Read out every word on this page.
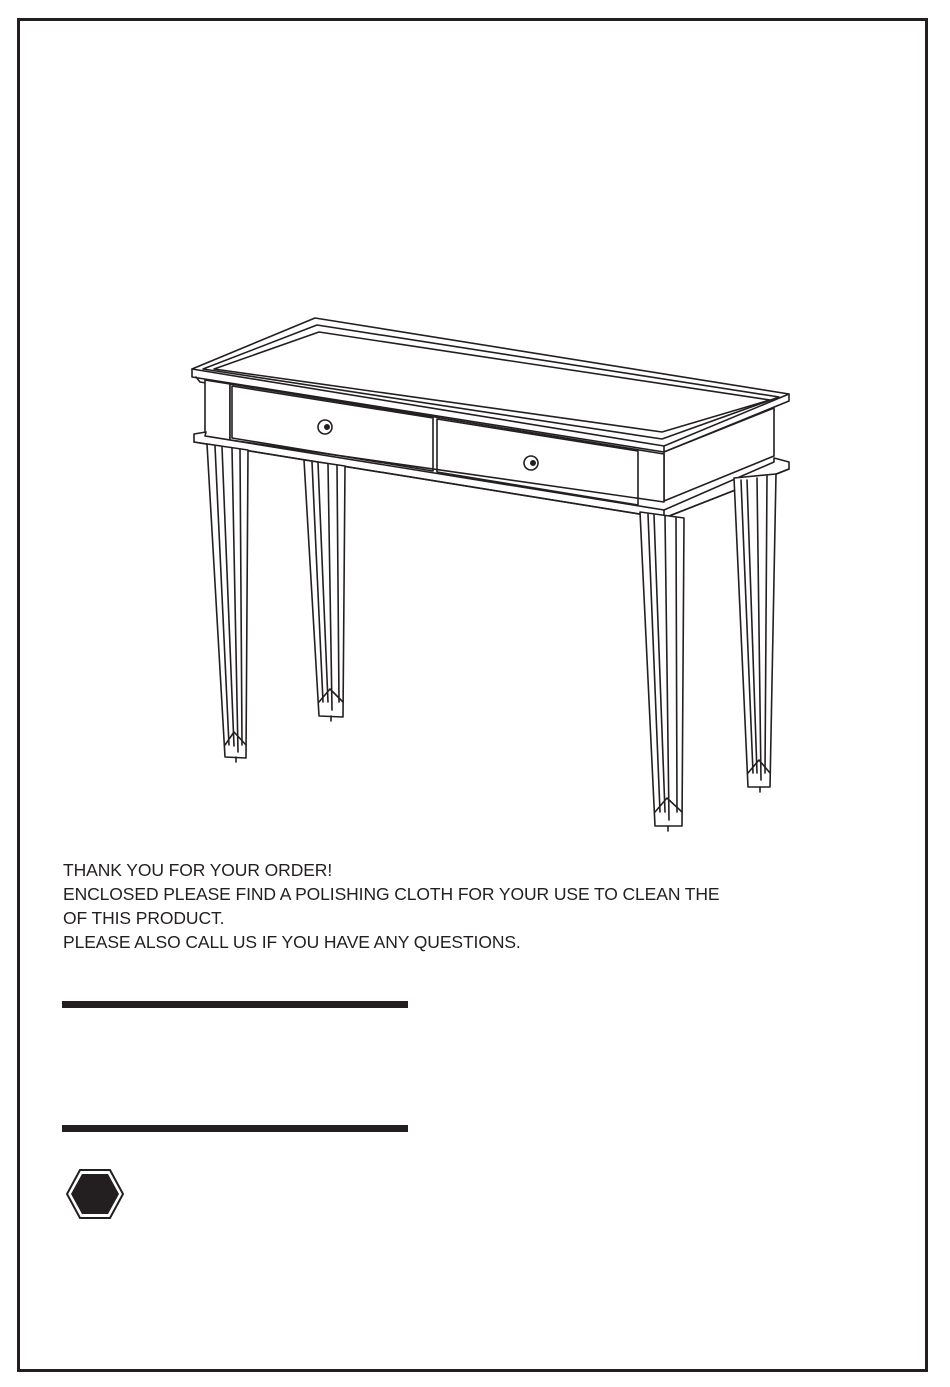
THANK YOU FOR YOUR ORDER!
ENCLOSED PLEASE FIND A POLISHING CLOTH FOR YOUR USE TO CLEAN THE
OF THIS PRODUCT.
PLEASE ALSO CALL US IF YOU HAVE ANY QUESTIONS.
